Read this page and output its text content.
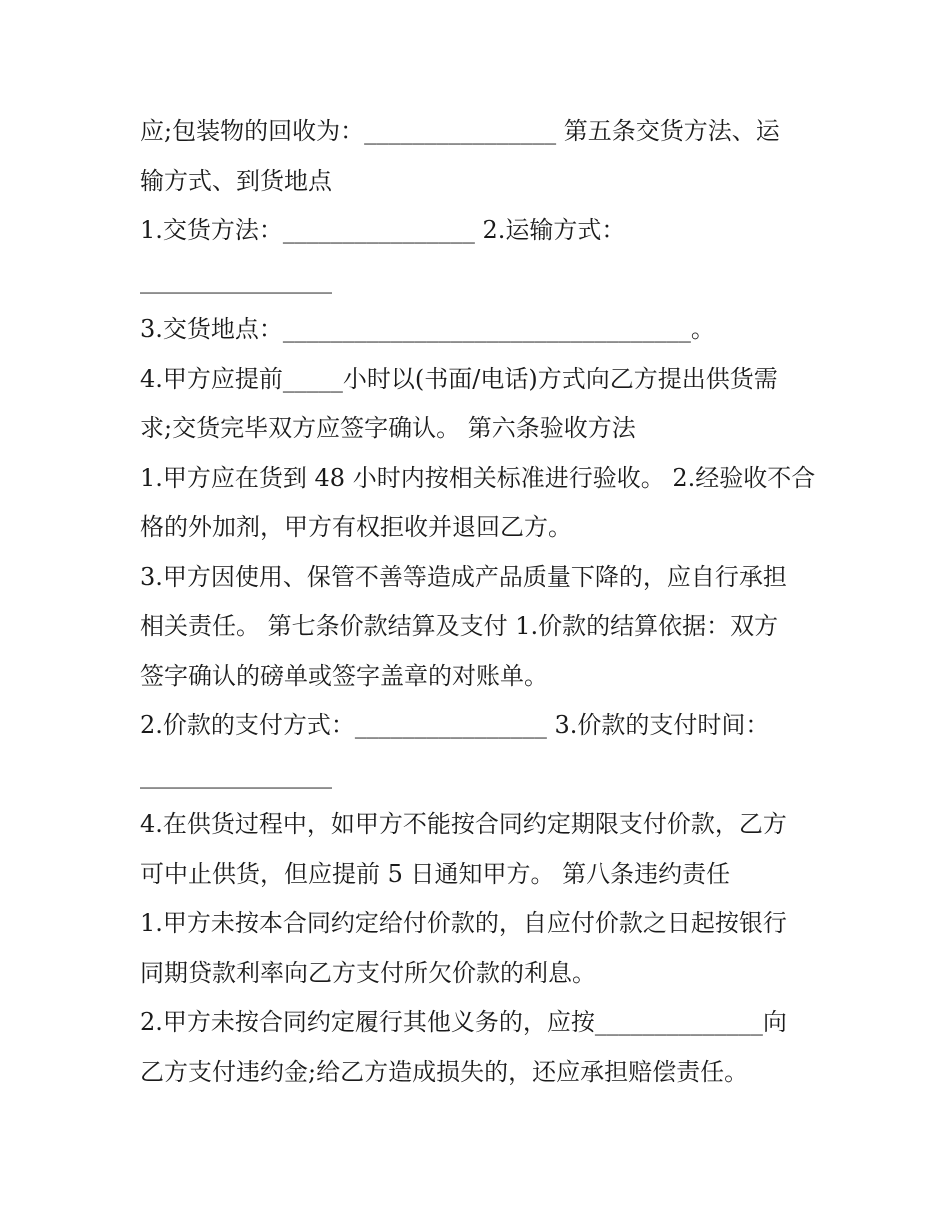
应;包装物的回收为：________________ 第五条交货方法、运
输方式、到货地点
1.交货方法：________________ 2.运输方式：
________________
3.交货地点：__________________________________。
4.甲方应提前_____小时以(书面/电话)方式向乙方提出供货需
求;交货完毕双方应签字确认。 第六条验收方法
1.甲方应在货到 48 小时内按相关标准进行验收。 2.经验收不合
格的外加剂，甲方有权拒收并退回乙方。
3.甲方因使用、保管不善等造成产品质量下降的，应自行承担
相关责任。 第七条价款结算及支付 1.价款的结算依据：双方
签字确认的磅单或签字盖章的对账单。
2.价款的支付方式：________________ 3.价款的支付时间：
________________
4.在供货过程中，如甲方不能按合同约定期限支付价款，乙方
可中止供货，但应提前 5 日通知甲方。 第八条违约责任
1.甲方未按本合同约定给付价款的，自应付价款之日起按银行
同期贷款利率向乙方支付所欠价款的利息。
2.甲方未按合同约定履行其他义务的，应按______________向
乙方支付违约金;给乙方造成损失的，还应承担赔偿责任。
